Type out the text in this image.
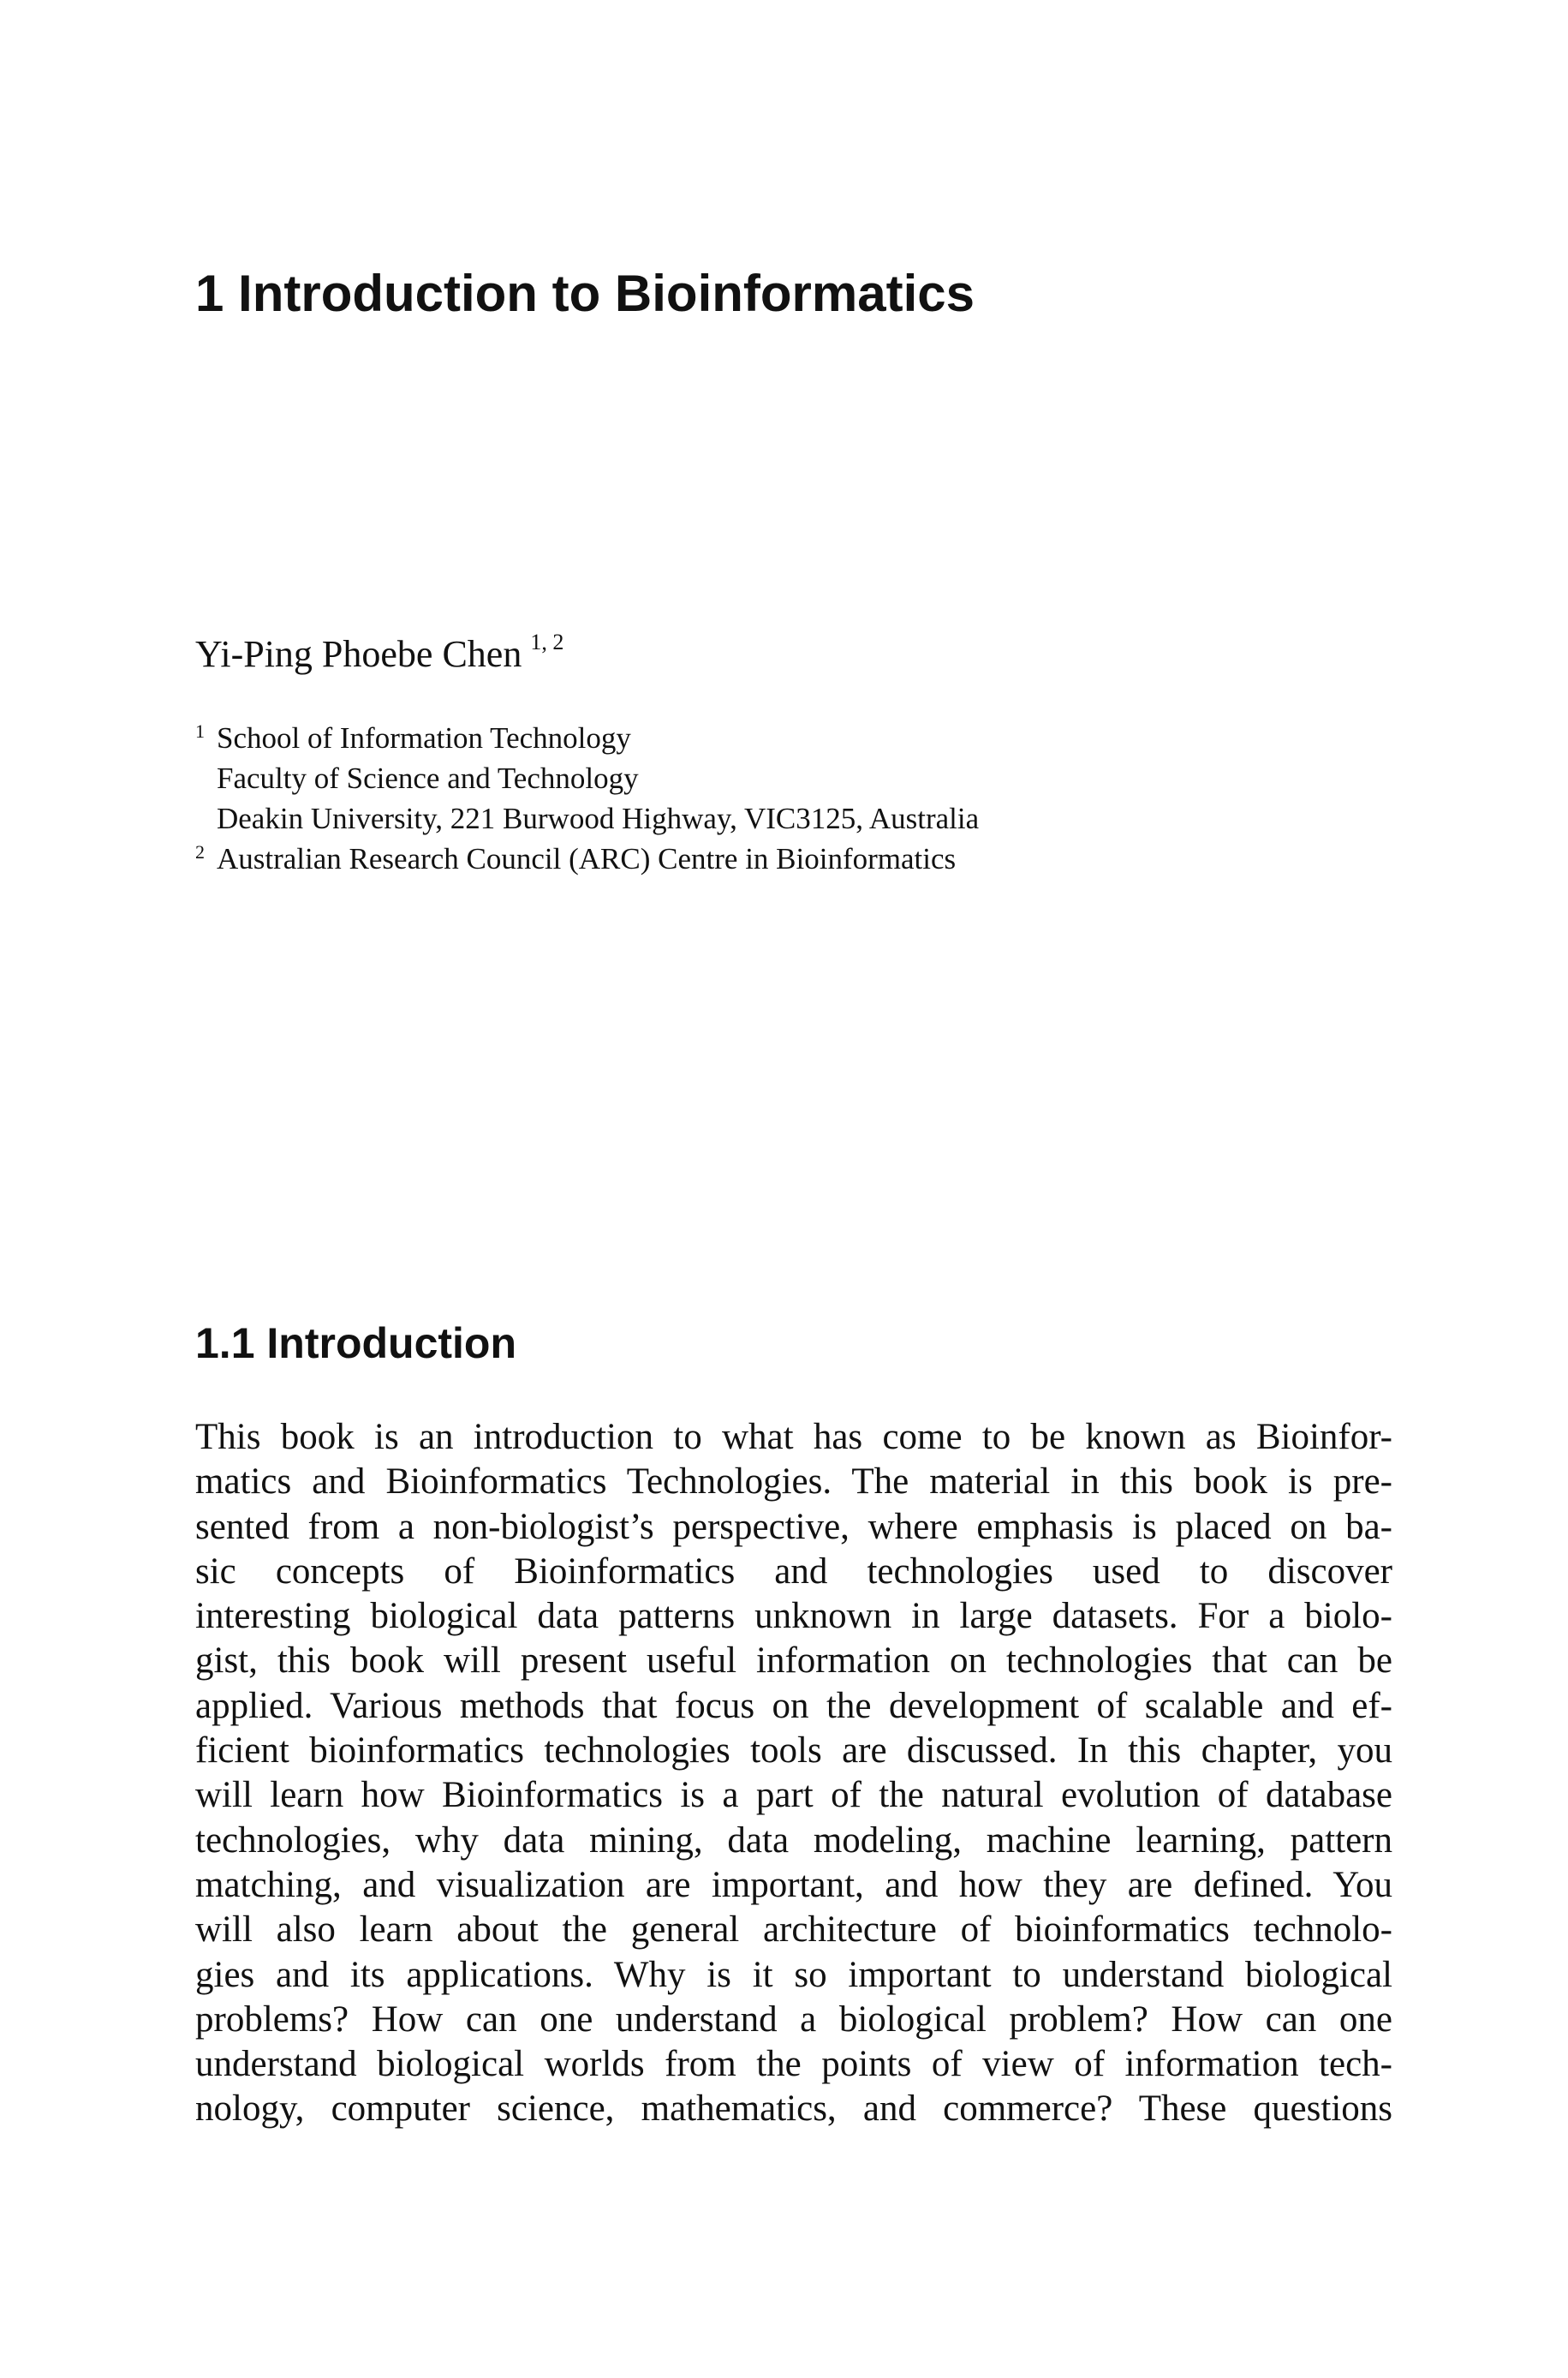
1 Introduction to Bioinformatics

Yi-Ping Phoebe Chen $^{1, 2}$

1 School of Information Technology
Faculty of Science and Technology
Deakin University, 221 Burwood Highway, VIC3125, Australia
2 Australian Research Council (ARC) Centre in Bioinformatics
1.1 Introduction
This book is an introduction to what has come to be known as Bioinfor-
matics and Bioinformatics Technologies. The material in this book is pre-
sented from a non-biologist’s perspective, where emphasis is placed on ba-
sic concepts of Bioinformatics and technologies used to discover
interesting biological data patterns unknown in large datasets. For a biolo-
gist, this book will present useful information on technologies that can be
applied. Various methods that focus on the development of scalable and ef-
ficient bioinformatics technologies tools are discussed. In this chapter, you
will learn how Bioinformatics is a part of the natural evolution of database
technologies, why data mining, data modeling, machine learning, pattern
matching, and visualization are important, and how they are defined. You
will also learn about the general architecture of bioinformatics technolo-
gies and its applications. Why is it so important to understand biological
problems? How can one understand a biological problem? How can one
understand biological worlds from the points of view of information tech-
nology, computer science, mathematics, and commerce? These questions
